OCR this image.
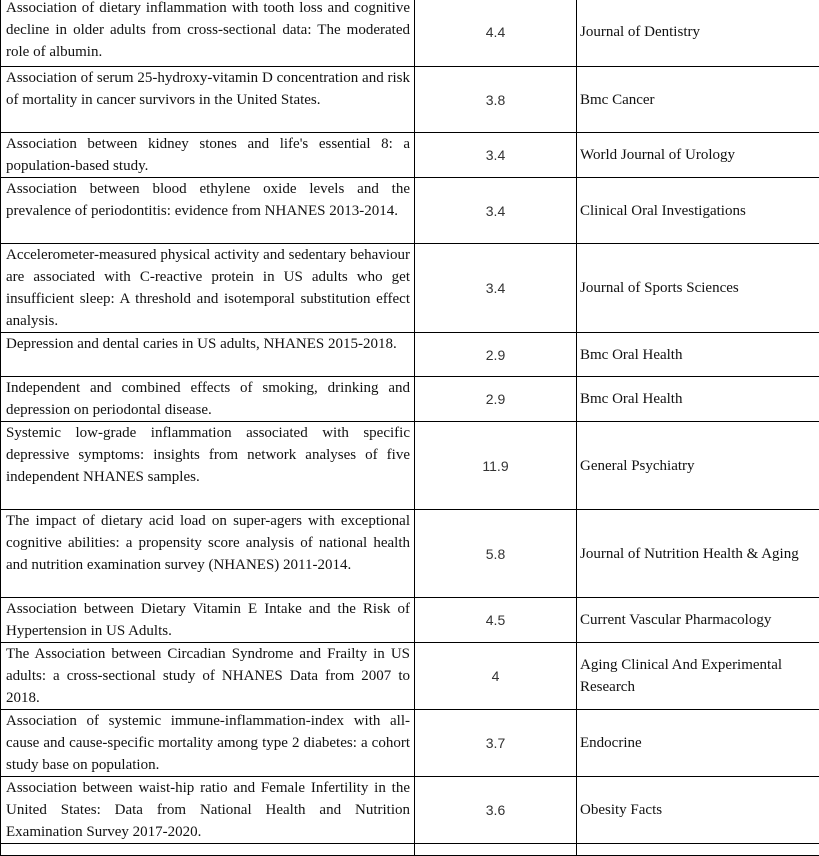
Association of dietary inflammation with tooth loss and cognitive decline in older adults from cross-sectional data: The moderated role of albumin.	4.4	Journal of Dentistry

Association of serum 25-hydroxy-vitamin D concentration and risk of mortality in cancer survivors in the United States.	3.8	Bmc Cancer

Association between kidney stones and life's essential 8: a population-based study.	3.4	World Journal of Urology

Association between blood ethylene oxide levels and the prevalence of periodontitis: evidence from NHANES 2013-2014.	3.4	Clinical Oral Investigations

Accelerometer-measured physical activity and sedentary behaviour are associated with C-reactive protein in US adults who get insufficient sleep: A threshold and isotemporal substitution effect analysis.	3.4	Journal of Sports Sciences

Depression and dental caries in US adults, NHANES 2015-2018.	2.9	Bmc Oral Health

Independent and combined effects of smoking, drinking and depression on periodontal disease.	2.9	Bmc Oral Health

Systemic low-grade inflammation associated with specific depressive symptoms: insights from network analyses of five independent NHANES samples.	11.9	General Psychiatry

The impact of dietary acid load on super-agers with exceptional cognitive abilities: a propensity score analysis of national health and nutrition examination survey (NHANES) 2011-2014.	5.8	Journal of Nutrition Health & Aging

Association between Dietary Vitamin E Intake and the Risk of Hypertension in US Adults.	4.5	Current Vascular Pharmacology

The Association between Circadian Syndrome and Frailty in US adults: a cross-sectional study of NHANES Data from 2007 to 2018.	4	Aging Clinical And Experimental Research

Association of systemic immune-inflammation-index with all-cause and cause-specific mortality among type 2 diabetes: a cohort study base on population.	3.7	Endocrine

Association between waist-hip ratio and Female Infertility in the United States: Data from National Health and Nutrition Examination Survey 2017-2020.	3.6	Obesity Facts
